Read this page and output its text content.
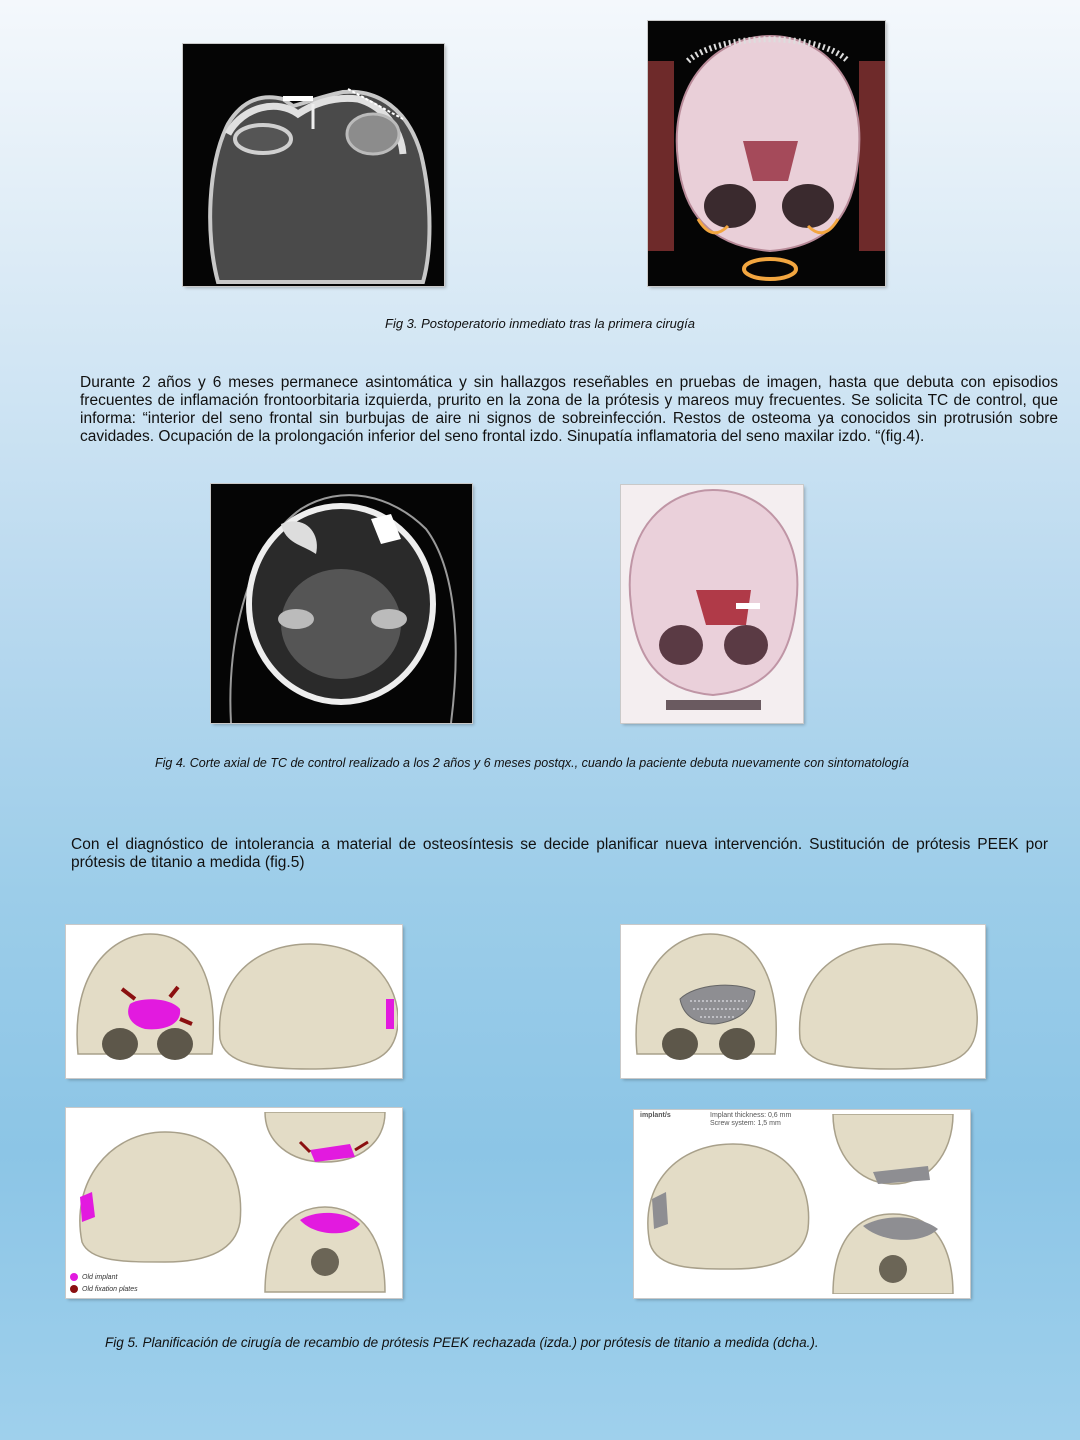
Fig 3. Postoperatorio inmediato tras la primera cirugía
Durante 2 años y 6 meses permanece asintomática y sin hallazgos reseñables en pruebas de imagen, hasta que debuta con episodios frecuentes de inflamación frontoorbitaria izquierda, prurito en la zona de la prótesis y mareos muy frecuentes. Se solicita TC de control, que informa: “interior del seno frontal sin burbujas de aire ni signos de sobreinfección. Restos de osteoma ya conocidos sin protrusión sobre cavidades. Ocupación de la prolongación inferior del seno frontal izdo. Sinupatía inflamatoria del seno maxilar izdo. “(fig.4).
Fig 4. Corte axial de TC de control realizado a los 2 años y 6 meses postqx., cuando la paciente debuta nuevamente con sintomatología
Con el diagnóstico de intolerancia a material de osteosíntesis se decide planificar nueva intervención. Sustitución de prótesis PEEK por prótesis de titanio a medida (fig.5)
Old implant
Old fixation plates
implant/s	Implant thickness: 0,6 mm
Screw system: 1,5 mm
Fig 5. Planificación de cirugía de recambio de prótesis PEEK rechazada (izda.) por prótesis de titanio a medida (dcha.).
